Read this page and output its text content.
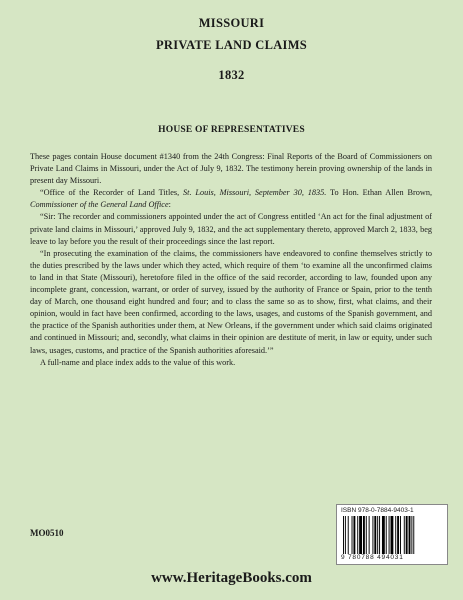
MISSOURI
PRIVATE LAND CLAIMS
1832
HOUSE OF REPRESENTATIVES

These pages contain House document #1340 from the 24th Congress: Final Reports of the Board of Commissioners on Private Land Claims in Missouri, under the Act of July 9, 1832. The testimony herein proving ownership of the lands in present day Missouri.

“Office of the Recorder of Land Titles, St. Louis, Missouri, September 30, 1835. To Hon. Ethan Allen Brown, Commissioner of the General Land Office:

“Sir: The recorder and commissioners appointed under the act of Congress entitled ‘An act for the final adjustment of private land claims in Missouri,’ approved July 9, 1832, and the act supplementary thereto, approved March 2, 1833, beg leave to lay before you the result of their proceedings since the last report.

“In prosecuting the examination of the claims, the commissioners have endeavored to confine themselves strictly to the duties prescribed by the laws under which they acted, which require of them ‘to examine all the unconfirmed claims to land in that State (Missouri), heretofore filed in the office of the said recorder, according to law, founded upon any incomplete grant, concession, warrant, or order of survey, issued by the authority of France or Spain, prior to the tenth day of March, one thousand eight hundred and four; and to class the same so as to show, first, what claims, and their opinion, would in fact have been confirmed, according to the laws, usages, and customs of the Spanish government, and the practice of the Spanish authorities under them, at New Orleans, if the government under which said claims originated and continued in Missouri; and, secondly, what claims in their opinion are destitute of merit, in law or equity, under such laws, usages, customs, and practice of the Spanish authorities aforesaid.’”

A full-name and place index adds to the value of this work.

MO0510
ISBN 978-0-7884-9403-1
9 780788 494031
www.HeritageBooks.com
